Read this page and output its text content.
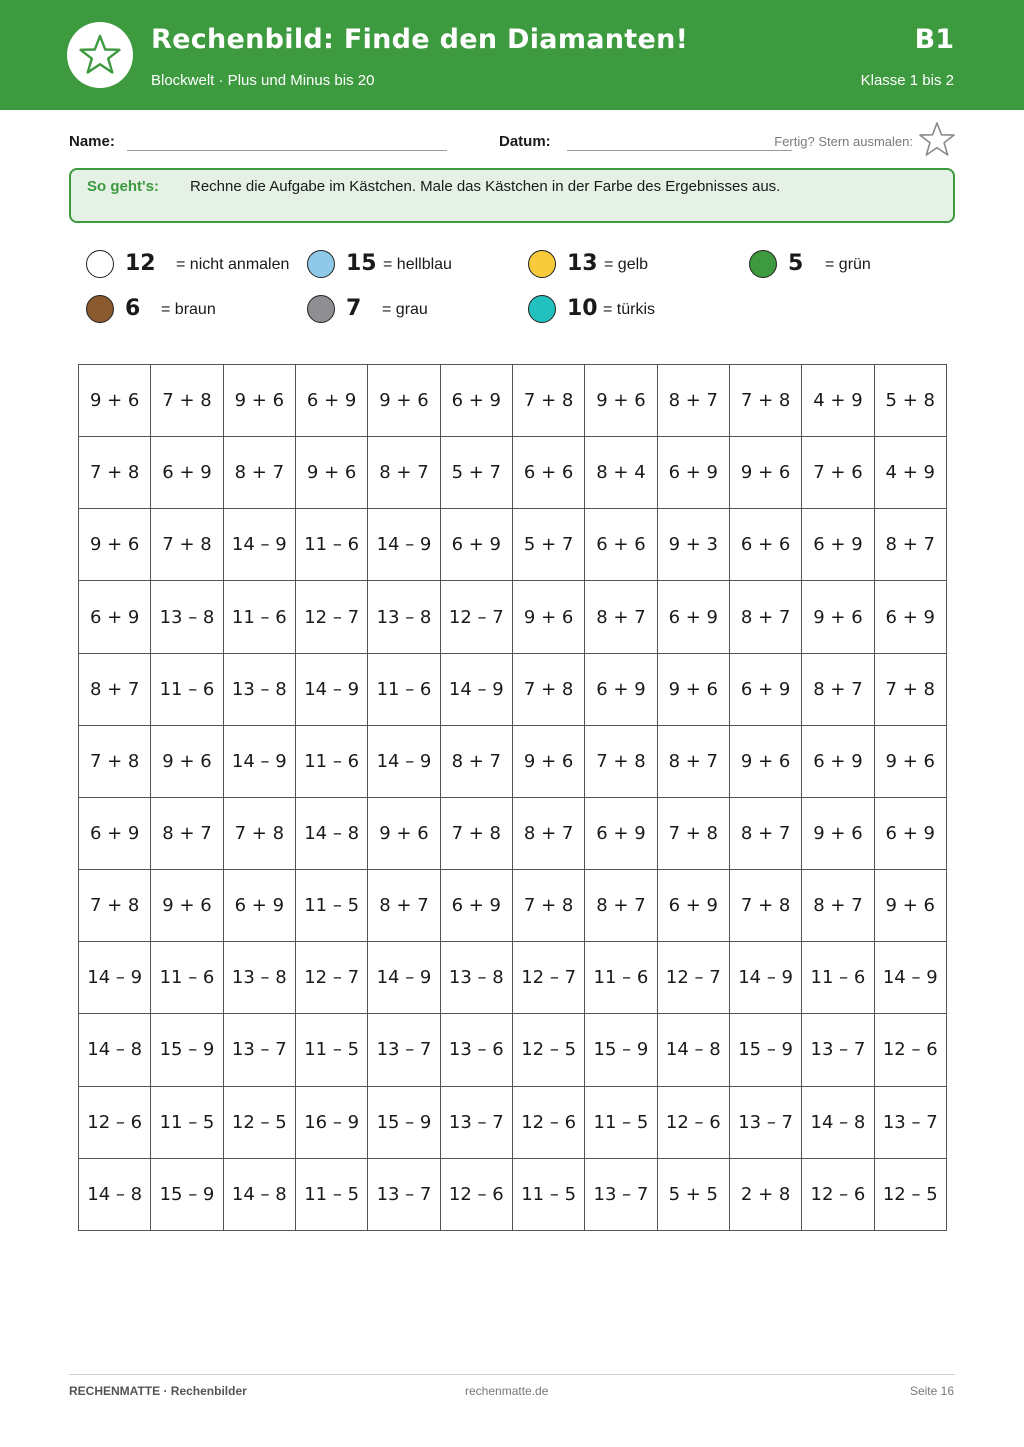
Rechenbild: Finde den Diamanten!
Blockwelt · Plus und Minus bis 20
B1
Klasse 1 bis 2
Name:	Datum:	Fertig? Stern ausmalen:
So geht's: Rechne die Aufgabe im Kästchen. Male das Kästchen in der Farbe des Ergebnisses aus.
12 = nicht anmalen	15 = hellblau	13 = gelb	5 = grün
6 = braun	7 = grau	10 = türkis
9 + 6	7 + 8	9 + 6	6 + 9	9 + 6	6 + 9	7 + 8	9 + 6	8 + 7	7 + 8	4 + 9	5 + 8
7 + 8	6 + 9	8 + 7	9 + 6	8 + 7	5 + 7	6 + 6	8 + 4	6 + 9	9 + 6	7 + 6	4 + 9
9 + 6	7 + 8	14 – 9	11 – 6	14 – 9	6 + 9	5 + 7	6 + 6	9 + 3	6 + 6	6 + 9	8 + 7
6 + 9	13 – 8	11 – 6	12 – 7	13 – 8	12 – 7	9 + 6	8 + 7	6 + 9	8 + 7	9 + 6	6 + 9
8 + 7	11 – 6	13 – 8	14 – 9	11 – 6	14 – 9	7 + 8	6 + 9	9 + 6	6 + 9	8 + 7	7 + 8
7 + 8	9 + 6	14 – 9	11 – 6	14 – 9	8 + 7	9 + 6	7 + 8	8 + 7	9 + 6	6 + 9	9 + 6
6 + 9	8 + 7	7 + 8	14 – 8	9 + 6	7 + 8	8 + 7	6 + 9	7 + 8	8 + 7	9 + 6	6 + 9
7 + 8	9 + 6	6 + 9	11 – 5	8 + 7	6 + 9	7 + 8	8 + 7	6 + 9	7 + 8	8 + 7	9 + 6
14 – 9	11 – 6	13 – 8	12 – 7	14 – 9	13 – 8	12 – 7	11 – 6	12 – 7	14 – 9	11 – 6	14 – 9
14 – 8	15 – 9	13 – 7	11 – 5	13 – 7	13 – 6	12 – 5	15 – 9	14 – 8	15 – 9	13 – 7	12 – 6
12 – 6	11 – 5	12 – 5	16 – 9	15 – 9	13 – 7	12 – 6	11 – 5	12 – 6	13 – 7	14 – 8	13 – 7
14 – 8	15 – 9	14 – 8	11 – 5	13 – 7	12 – 6	11 – 5	13 – 7	5 + 5	2 + 8	12 – 6	12 – 5
RECHENMATTE · Rechenbilder	rechenmatte.de	Seite 16
